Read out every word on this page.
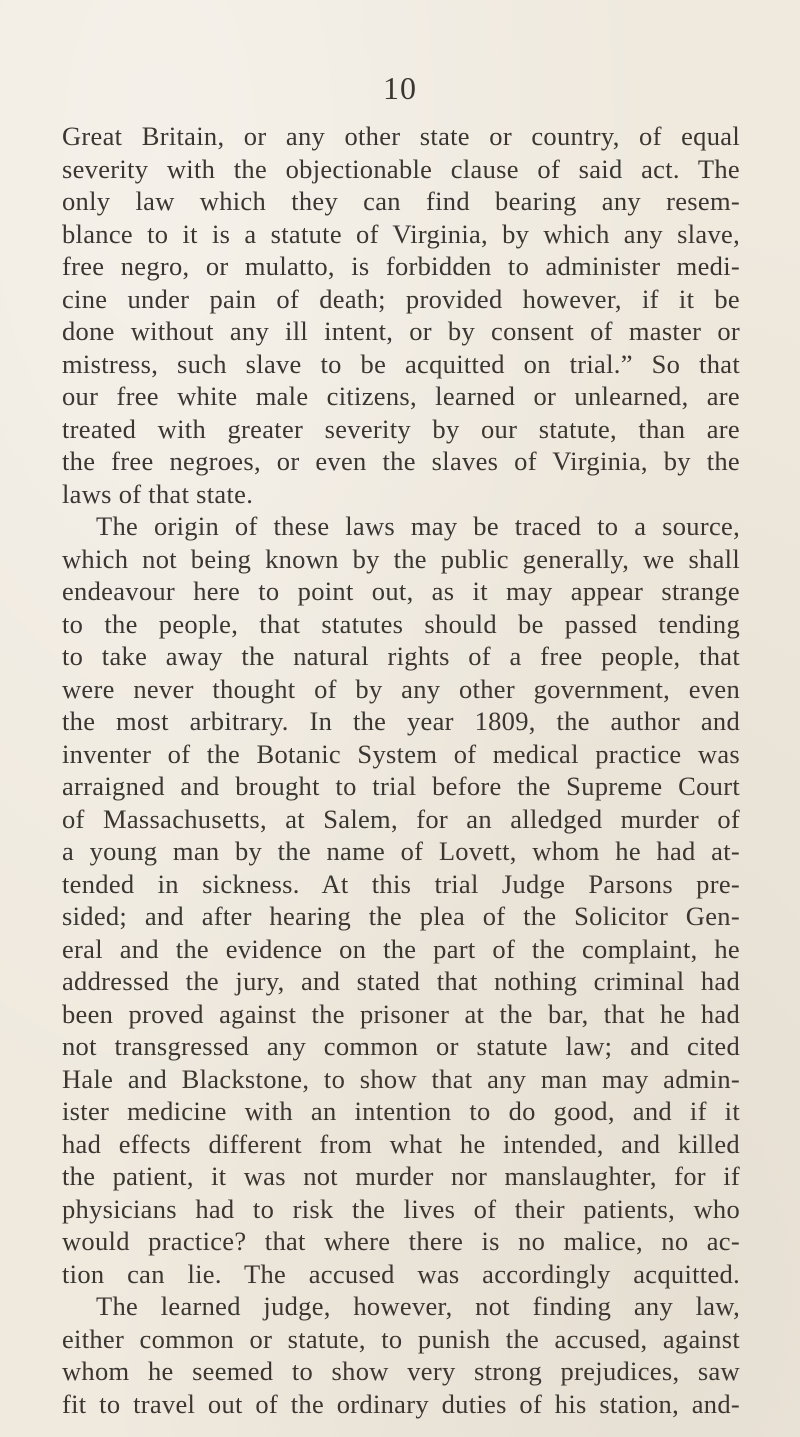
10
Great Britain, or any other state or country, of equal
severity with the objectionable clause of said act. The
only law which they can find bearing any resem-
blance to it is a statute of Virginia, by which any slave,
free negro, or mulatto, is forbidden to administer medi-
cine under pain of death; provided however, if it be
done without any ill intent, or by consent of master or
mistress, such slave to be acquitted on trial.” So that
our free white male citizens, learned or unlearned, are
treated with greater severity by our statute, than are
the free negroes, or even the slaves of Virginia, by the
laws of that state.
The origin of these laws may be traced to a source,
which not being known by the public generally, we shall
endeavour here to point out, as it may appear strange
to the people, that statutes should be passed tending
to take away the natural rights of a free people, that
were never thought of by any other government, even
the most arbitrary. In the year 1809, the author and
inventer of the Botanic System of medical practice was
arraigned and brought to trial before the Supreme Court
of Massachusetts, at Salem, for an alledged murder of
a young man by the name of Lovett, whom he had at-
tended in sickness. At this trial Judge Parsons pre-
sided; and after hearing the plea of the Solicitor Gen-
eral and the evidence on the part of the complaint, he
addressed the jury, and stated that nothing criminal had
been proved against the prisoner at the bar, that he had
not transgressed any common or statute law; and cited
Hale and Blackstone, to show that any man may admin-
ister medicine with an intention to do good, and if it
had effects different from what he intended, and killed
the patient, it was not murder nor manslaughter, for if
physicians had to risk the lives of their patients, who
would practice? that where there is no malice, no ac-
tion can lie. The accused was accordingly acquitted.
The learned judge, however, not finding any law,
either common or statute, to punish the accused, against
whom he seemed to show very strong prejudices, saw
fit to travel out of the ordinary duties of his station, and-
